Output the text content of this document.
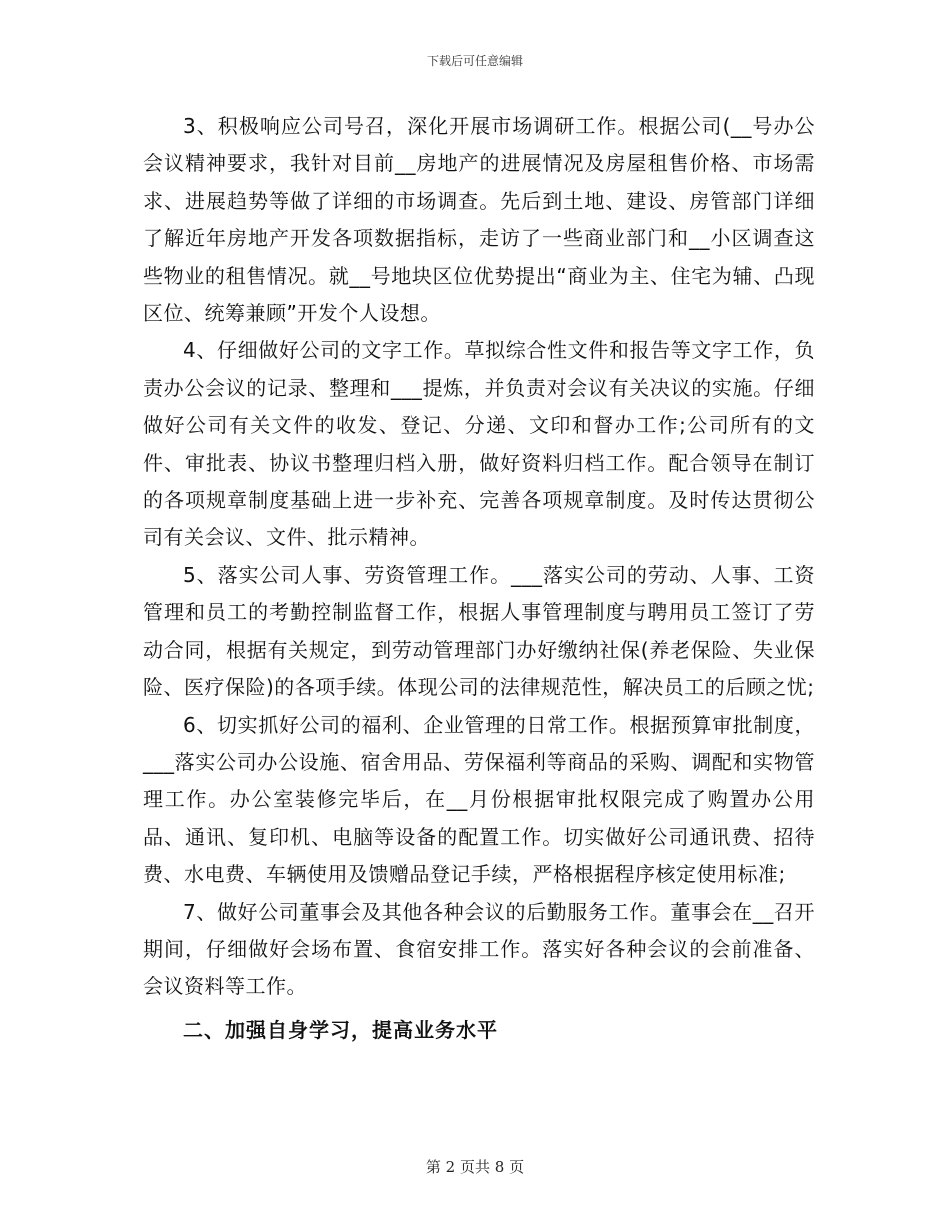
下载后可任意编辑

3、积极响应公司号召，深化开展市场调研工作。根据公司(__号办公会议精神要求，我针对目前__房地产的进展情况及房屋租售价格、市场需求、进展趋势等做了详细的市场调查。先后到土地、建设、房管部门详细了解近年房地产开发各项数据指标，走访了一些商业部门和__小区调查这些物业的租售情况。就__号地块区位优势提出“商业为主、住宅为辅、凸现区位、统筹兼顾”开发个人设想。

4、仔细做好公司的文字工作。草拟综合性文件和报告等文字工作，负责办公会议的记录、整理和___提炼，并负责对会议有关决议的实施。仔细做好公司有关文件的收发、登记、分递、文印和督办工作;公司所有的文件、审批表、协议书整理归档入册，做好资料归档工作。配合领导在制订的各项规章制度基础上进一步补充、完善各项规章制度。及时传达贯彻公司有关会议、文件、批示精神。

5、落实公司人事、劳资管理工作。___落实公司的劳动、人事、工资管理和员工的考勤控制监督工作，根据人事管理制度与聘用员工签订了劳动合同，根据有关规定，到劳动管理部门办好缴纳社保(养老保险、失业保险、医疗保险)的各项手续。体现公司的法律规范性，解决员工的后顾之忧;

6、切实抓好公司的福利、企业管理的日常工作。根据预算审批制度，___落实公司办公设施、宿舍用品、劳保福利等商品的采购、调配和实物管理工作。办公室装修完毕后，在__月份根据审批权限完成了购置办公用品、通讯、复印机、电脑等设备的配置工作。切实做好公司通讯费、招待费、水电费、车辆使用及馈赠品登记手续，严格根据程序核定使用标准;

7、做好公司董事会及其他各种会议的后勤服务工作。董事会在__召开期间，仔细做好会场布置、食宿安排工作。落实好各种会议的会前准备、会议资料等工作。

二、加强自身学习，提高业务水平

第 2 页共 8 页
